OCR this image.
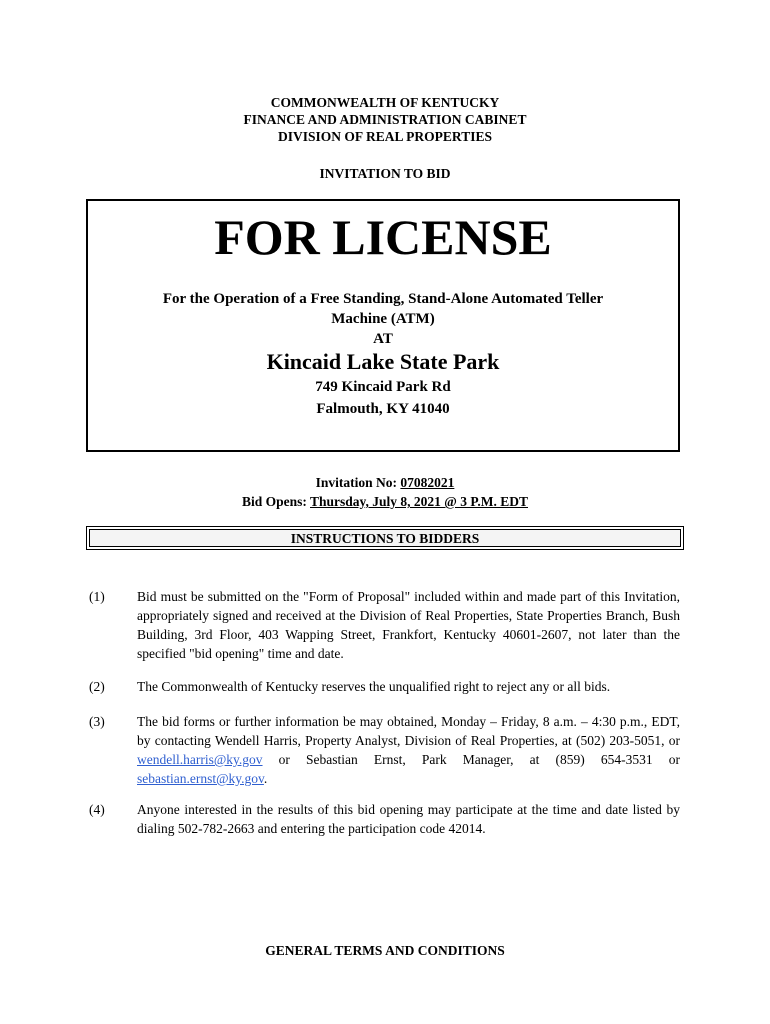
COMMONWEALTH OF KENTUCKY
FINANCE AND ADMINISTRATION CABINET
DIVISION OF REAL PROPERTIES
INVITATION TO BID
FOR LICENSE
For the Operation of a Free Standing, Stand-Alone Automated Teller
Machine (ATM)
AT
Kincaid Lake State Park
749 Kincaid Park Rd
Falmouth, KY 41040
Invitation No: 07082021
Bid Opens: Thursday, July 8, 2021 @ 3 P.M. EDT
INSTRUCTIONS TO BIDDERS
(1) Bid must be submitted on the "Form of Proposal" included within and made part of this Invitation, appropriately signed and received at the Division of Real Properties, State Properties Branch, Bush Building, 3rd Floor, 403 Wapping Street, Frankfort, Kentucky 40601-2607, not later than the specified "bid opening" time and date.
(2) The Commonwealth of Kentucky reserves the unqualified right to reject any or all bids.
(3) The bid forms or further information be may obtained, Monday – Friday, 8 a.m. – 4:30 p.m., EDT, by contacting Wendell Harris, Property Analyst, Division of Real Properties, at (502) 203-5051, or wendell.harris@ky.gov or Sebastian Ernst, Park Manager, at (859) 654-3531 or sebastian.ernst@ky.gov.
(4) Anyone interested in the results of this bid opening may participate at the time and date listed by dialing 502-782-2663 and entering the participation code 42014.
GENERAL TERMS AND CONDITIONS
